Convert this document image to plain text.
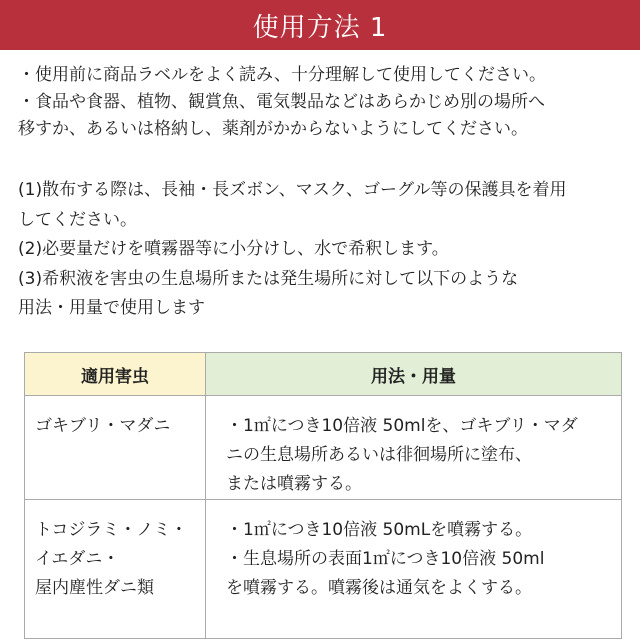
使用方法 1

・使用前に商品ラベルをよく読み、十分理解して使用してください。

・食品や食器、植物、観賞魚、電気製品などはあらかじめ別の場所へ

移すか、あるいは格納し、薬剤がかからないようにしてください。

(1)散布する際は、長袖・長ズボン、マスク、ゴーグル等の保護具を着用

してください。

(2)必要量だけを噴霧器等に小分けし、水で希釈します。

(3)希釈液を害虫の生息場所または発生場所に対して以下のような

用法・用量で使用します

適用害虫	用法・用量

ゴキブリ・マダニ	・1㎡につき10倍液 50mlを、ゴキブリ・マダ
ニの生息場所あるいは徘徊場所に塗布、
または噴霧する。

トコジラミ・ノミ・
イエダニ・
屋内塵性ダニ類	・1㎡につき10倍液 50mLを噴霧する。
・生息場所の表面1㎡につき10倍液 50ml
を噴霧する。噴霧後は通気をよくする。
